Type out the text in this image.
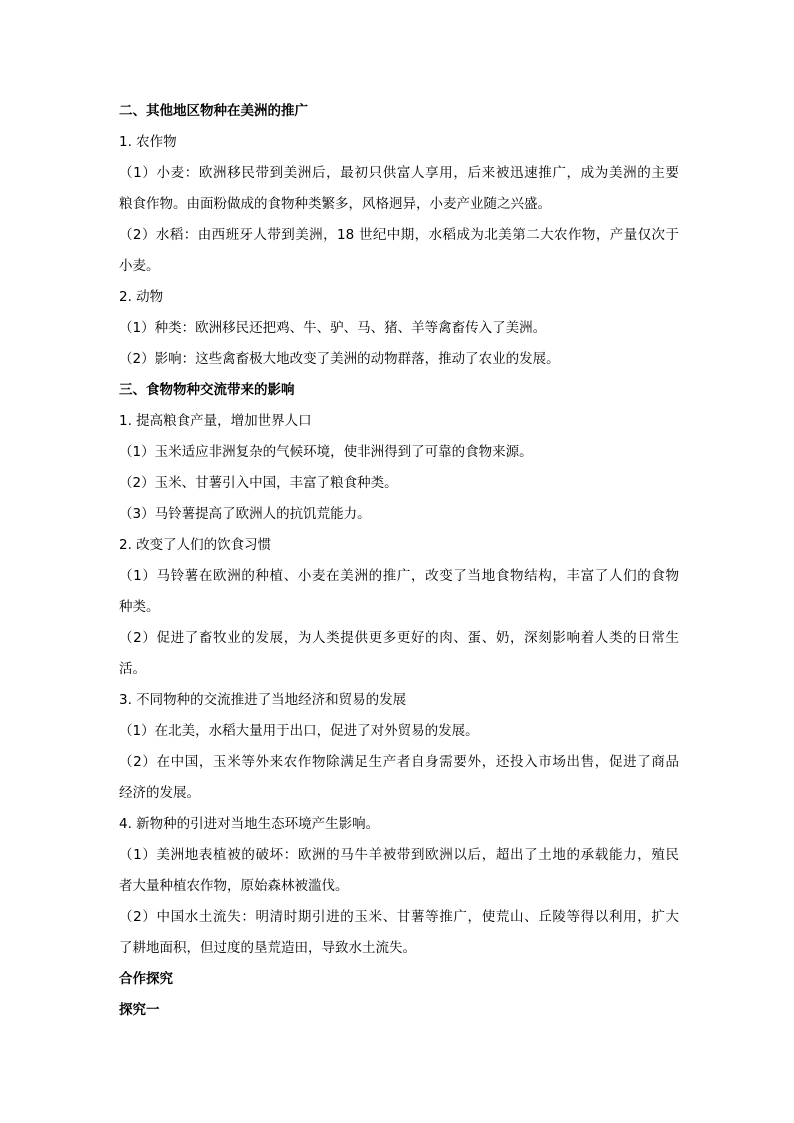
二、其他地区物种在美洲的推广
1. 农作物
（1）小麦：欧洲移民带到美洲后，最初只供富人享用，后来被迅速推广，成为美洲的主要
粮食作物。由面粉做成的食物种类繁多，风格迥异，小麦产业随之兴盛。
（2）水稻：由西班牙人带到美洲，18 世纪中期，水稻成为北美第二大农作物，产量仅次于
小麦。
2. 动物
（1）种类：欧洲移民还把鸡、牛、驴、马、猪、羊等禽畜传入了美洲。
（2）影响：这些禽畜极大地改变了美洲的动物群落，推动了农业的发展。
三、食物物种交流带来的影响
1. 提高粮食产量，增加世界人口
（1）玉米适应非洲复杂的气候环境，使非洲得到了可靠的食物来源。
（2）玉米、甘薯引入中国，丰富了粮食种类。
（3）马铃薯提高了欧洲人的抗饥荒能力。
2. 改变了人们的饮食习惯
（1）马铃薯在欧洲的种植、小麦在美洲的推广，改变了当地食物结构，丰富了人们的食物
种类。
（2）促进了畜牧业的发展，为人类提供更多更好的肉、蛋、奶，深刻影响着人类的日常生
活。
3. 不同物种的交流推进了当地经济和贸易的发展
（1）在北美，水稻大量用于出口，促进了对外贸易的发展。
（2）在中国，玉米等外来农作物除满足生产者自身需要外，还投入市场出售，促进了商品
经济的发展。
4. 新物种的引进对当地生态环境产生影响。
（1）美洲地表植被的破坏：欧洲的马牛羊被带到欧洲以后，超出了土地的承载能力，殖民
者大量种植农作物，原始森林被滥伐。
（2）中国水土流失：明清时期引进的玉米、甘薯等推广，使荒山、丘陵等得以利用，扩大
了耕地面积，但过度的垦荒造田，导致水土流失。
合作探究
探究一
